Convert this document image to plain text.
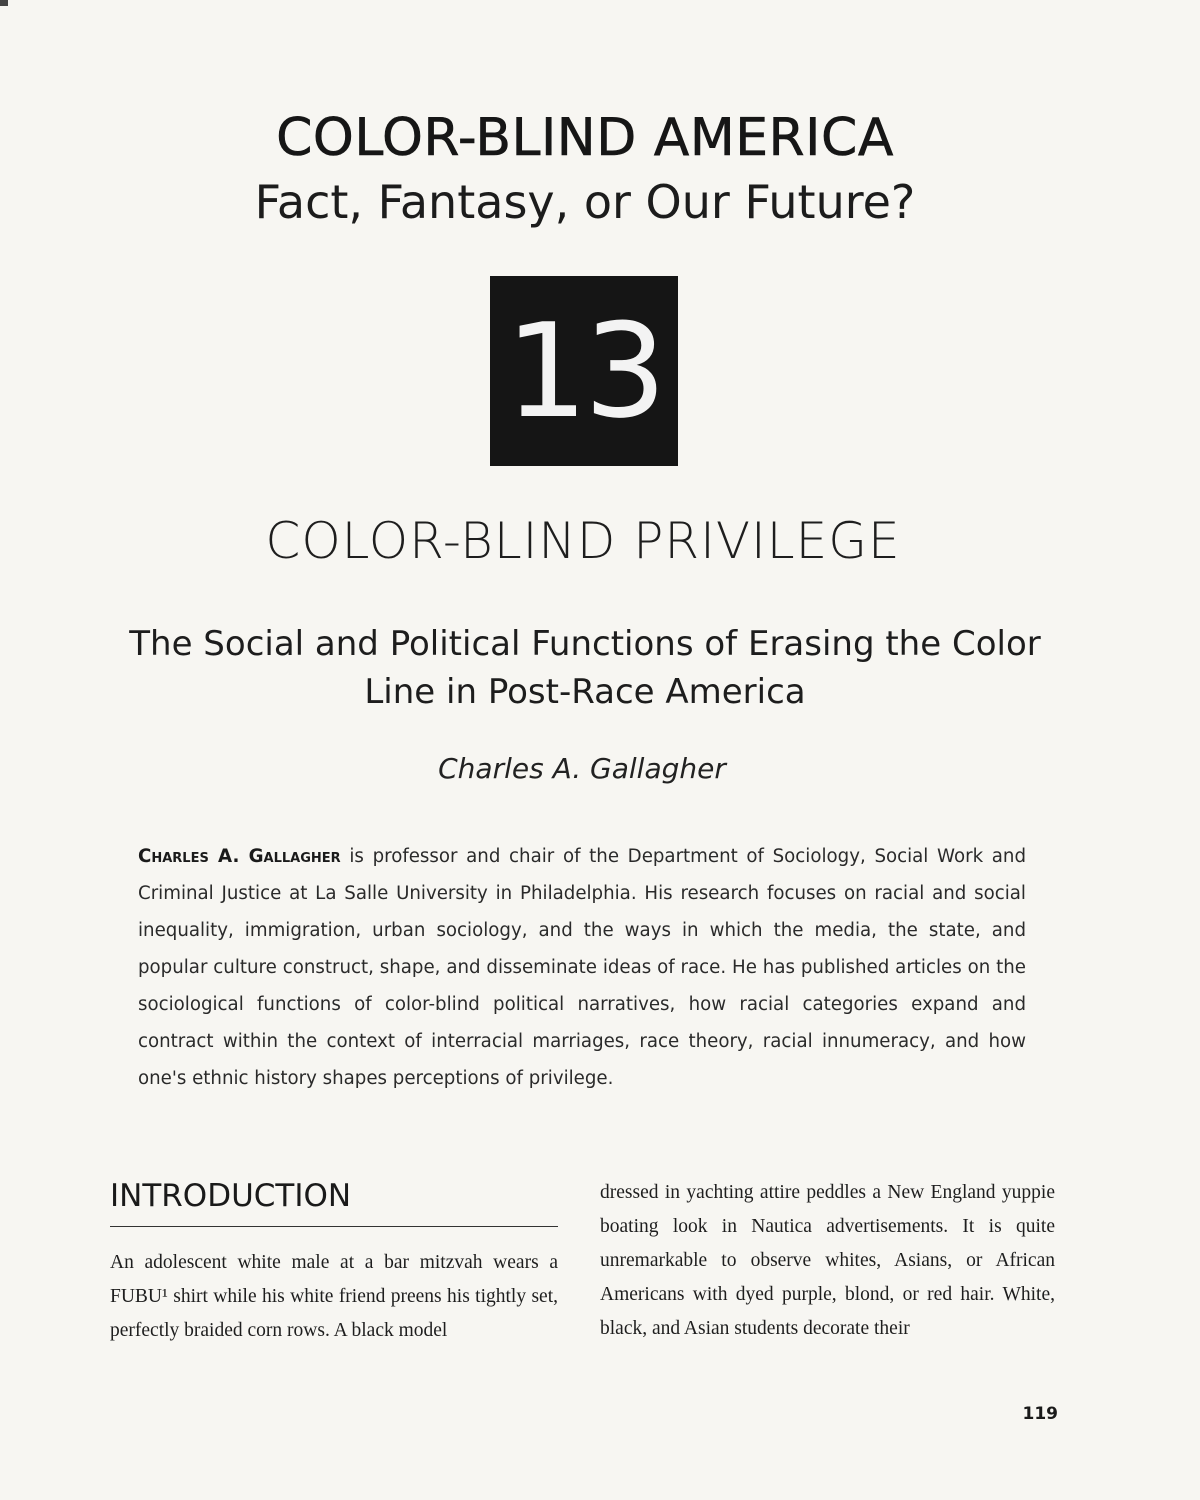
COLOR-BLIND AMERICA
Fact, Fantasy, or Our Future?
13
COLOR-BLIND PRIVILEGE
The Social and Political Functions of Erasing the Color Line in Post-Race America
Charles A. Gallagher
Charles A. Gallagher is professor and chair of the Department of Sociology, Social Work and Criminal Justice at La Salle University in Philadelphia. His research focuses on racial and social inequality, immigration, urban sociology, and the ways in which the media, the state, and popular culture construct, shape, and disseminate ideas of race. He has published articles on the sociological functions of color-blind political narratives, how racial categories expand and contract within the context of interracial marriages, race theory, racial innumeracy, and how one's ethnic history shapes perceptions of privilege.
INTRODUCTION
An adolescent white male at a bar mitzvah wears a FUBU¹ shirt while his white friend preens his tightly set, perfectly braided corn rows. A black model
dressed in yachting attire peddles a New England yuppie boating look in Nautica advertisements. It is quite unremarkable to observe whites, Asians, or African Americans with dyed purple, blond, or red hair. White, black, and Asian students decorate their
119
